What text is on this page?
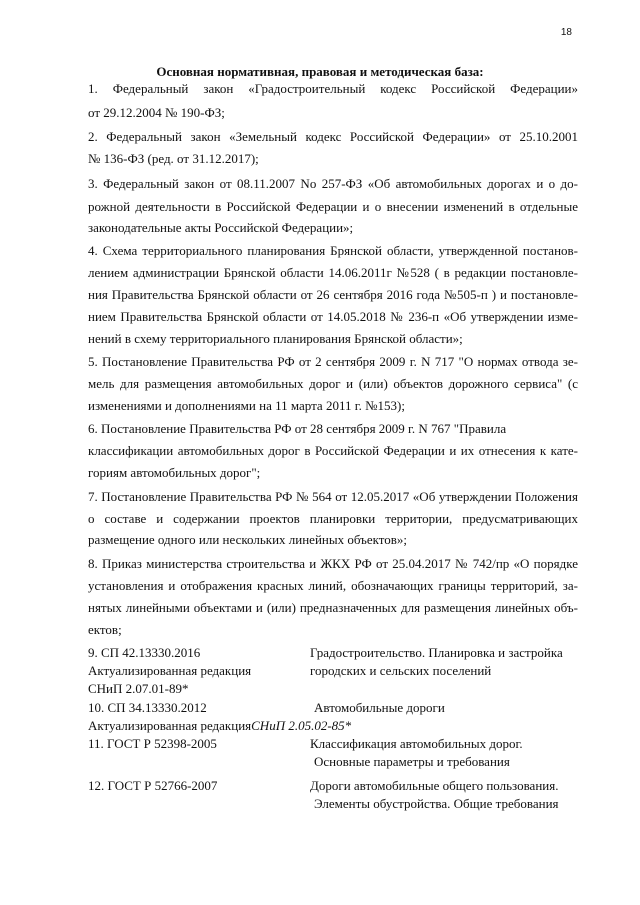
18
Основная нормативная, правовая и методическая база:
1. Федеральный закон «Градостроительный кодекс Российской Федерации»
от 29.12.2004 № 190-ФЗ;
2. Федеральный закон «Земельный кодекс Российской Федерации» от 25.10.2001
№ 136-ФЗ (ред. от 31.12.2017);
3. Федеральный закон от 08.11.2007 No 257-ФЗ «Об автомобильных дорогах и о до-
рожной деятельности в Российской Федерации и о внесении изменений в отдельные
законодательные акты Российской Федерации»;
4. Схема территориального планирования Брянской области, утвержденной постанов-
лением администрации Брянской области 14.06.2011г №528 ( в редакции постановле-
ния Правительства Брянской области от 26 сентября 2016 года №505-п ) и постановле-
нием Правительства Брянской области от 14.05.2018 № 236-п «Об утверждении изме-
нений в схему территориального планирования Брянской области»;
5. Постановление Правительства РФ от 2 сентября 2009 г. N 717 "О нормах отвода зе-
мель для размещения автомобильных дорог и (или) объектов дорожного сервиса" (с
изменениями и дополнениями на 11 марта 2011 г. №153);
6. Постановление Правительства РФ от 28 сентября 2009 г. N 767 "Правила
классификации автомобильных дорог в Российской Федерации и их отнесения к кате-
гориям автомобильных дорог";
7. Постановление Правительства РФ № 564 от 12.05.2017 «Об утверждении Положения
о составе и содержании проектов планировки территории, предусматривающих
размещение одного или нескольких линейных объектов»;
8. Приказ министерства строительства и ЖКХ РФ от 25.04.2017 № 742/пр «О порядке
установления и отображения красных линий, обозначающих границы территорий, за-
нятых линейными объектами и (или) предназначенных для размещения линейных объ-
ектов;
9. СП 42.13330.2016
Актуализированная редакция
СНиП 2.07.01-89*
Градостроительство. Планировка и застройка
городских и сельских поселений
10. СП 34.13330.2012
Актуализированная редакцияСНиП 2.05.02-85*
Автомобильные дороги
11. ГОСТ Р 52398-2005	Классификация автомобильных дорог.
Основные параметры и требования
12. ГОСТ Р 52766-2007	Дороги автомобильные общего пользования.
Элементы обустройства. Общие требования
